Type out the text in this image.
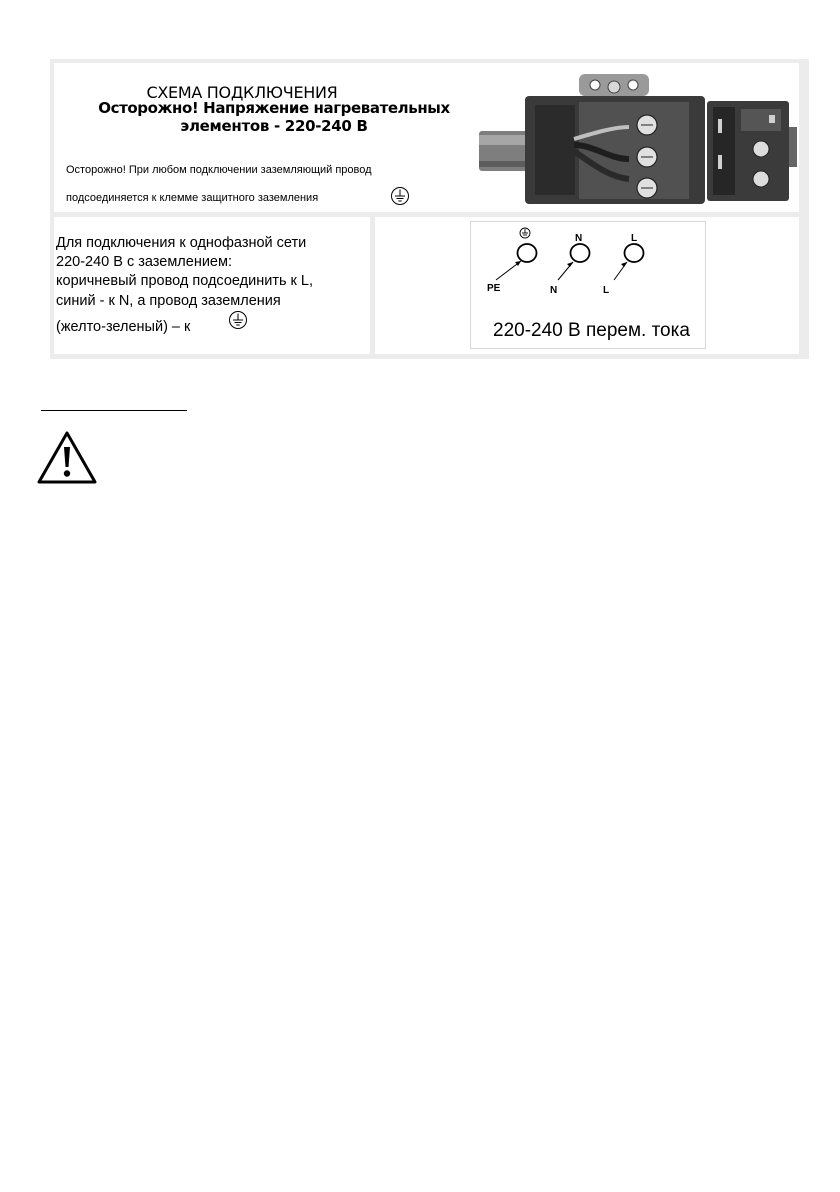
СХЕМА ПОДКЛЮЧЕНИЯ
Осторожно! Напряжение нагревательных
элементов - 220-240 В
Осторожно! При любом подключении заземляющий провод
подсоединяется к клемме защитного заземления
N	L
PE	N	L
220-240 В перем. тока
Для подключения к однофазной сети
220-240 В с заземлением:
коричневый провод подсоединить к L,
синий - к N, а провод заземления
(желто-зеленый) – к
